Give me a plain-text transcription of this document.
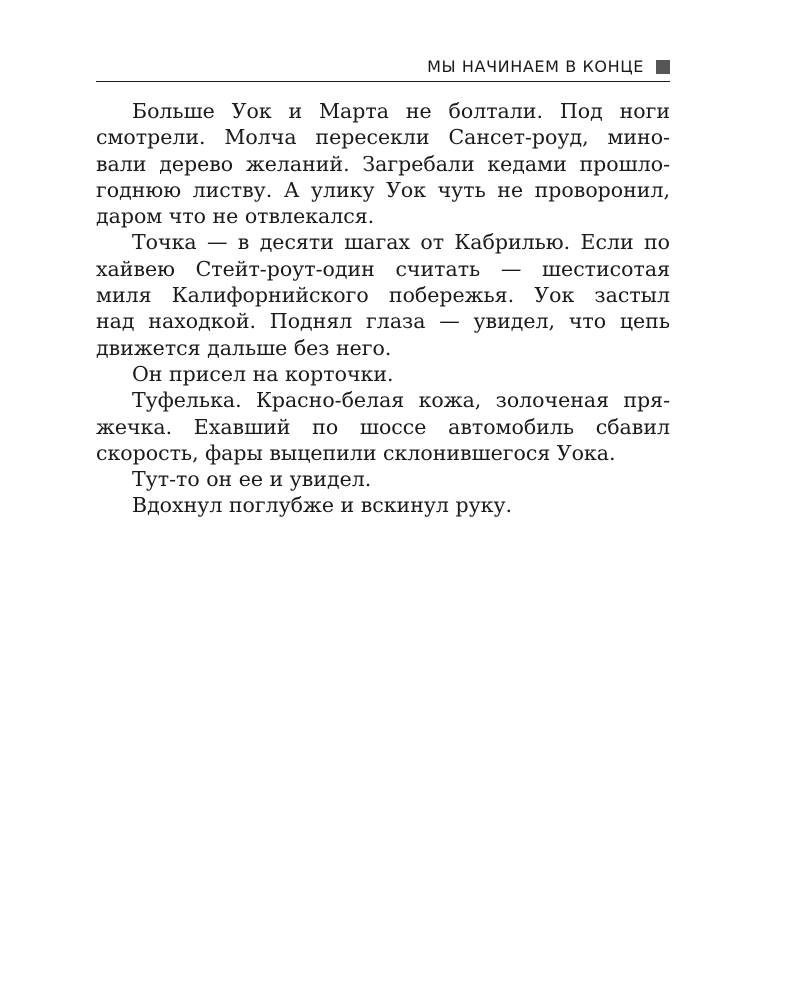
МЫ НАЧИНАЕМ В КОНЦЕ
Больше Уок и Марта не болтали. Под ноги
смотрели. Молча пересекли Сансет-роуд, мино-
вали дерево желаний. Загребали кедами прошло-
годнюю листву. А улику Уок чуть не проворонил,
даром что не отвлекался.
Точка — в десяти шагах от Кабрилью. Если по
хайвею Стейт-роут-один считать — шестисотая
миля Калифорнийского побережья. Уок застыл
над находкой. Поднял глаза — увидел, что цепь
движется дальше без него.
Он присел на корточки.
Туфелька. Красно-белая кожа, золоченая пря-
жечка. Ехавший по шоссе автомобиль сбавил
скорость, фары выцепили склонившегося Уока.
Тут-то он ее и увидел.
Вдохнул поглубже и вскинул руку.
